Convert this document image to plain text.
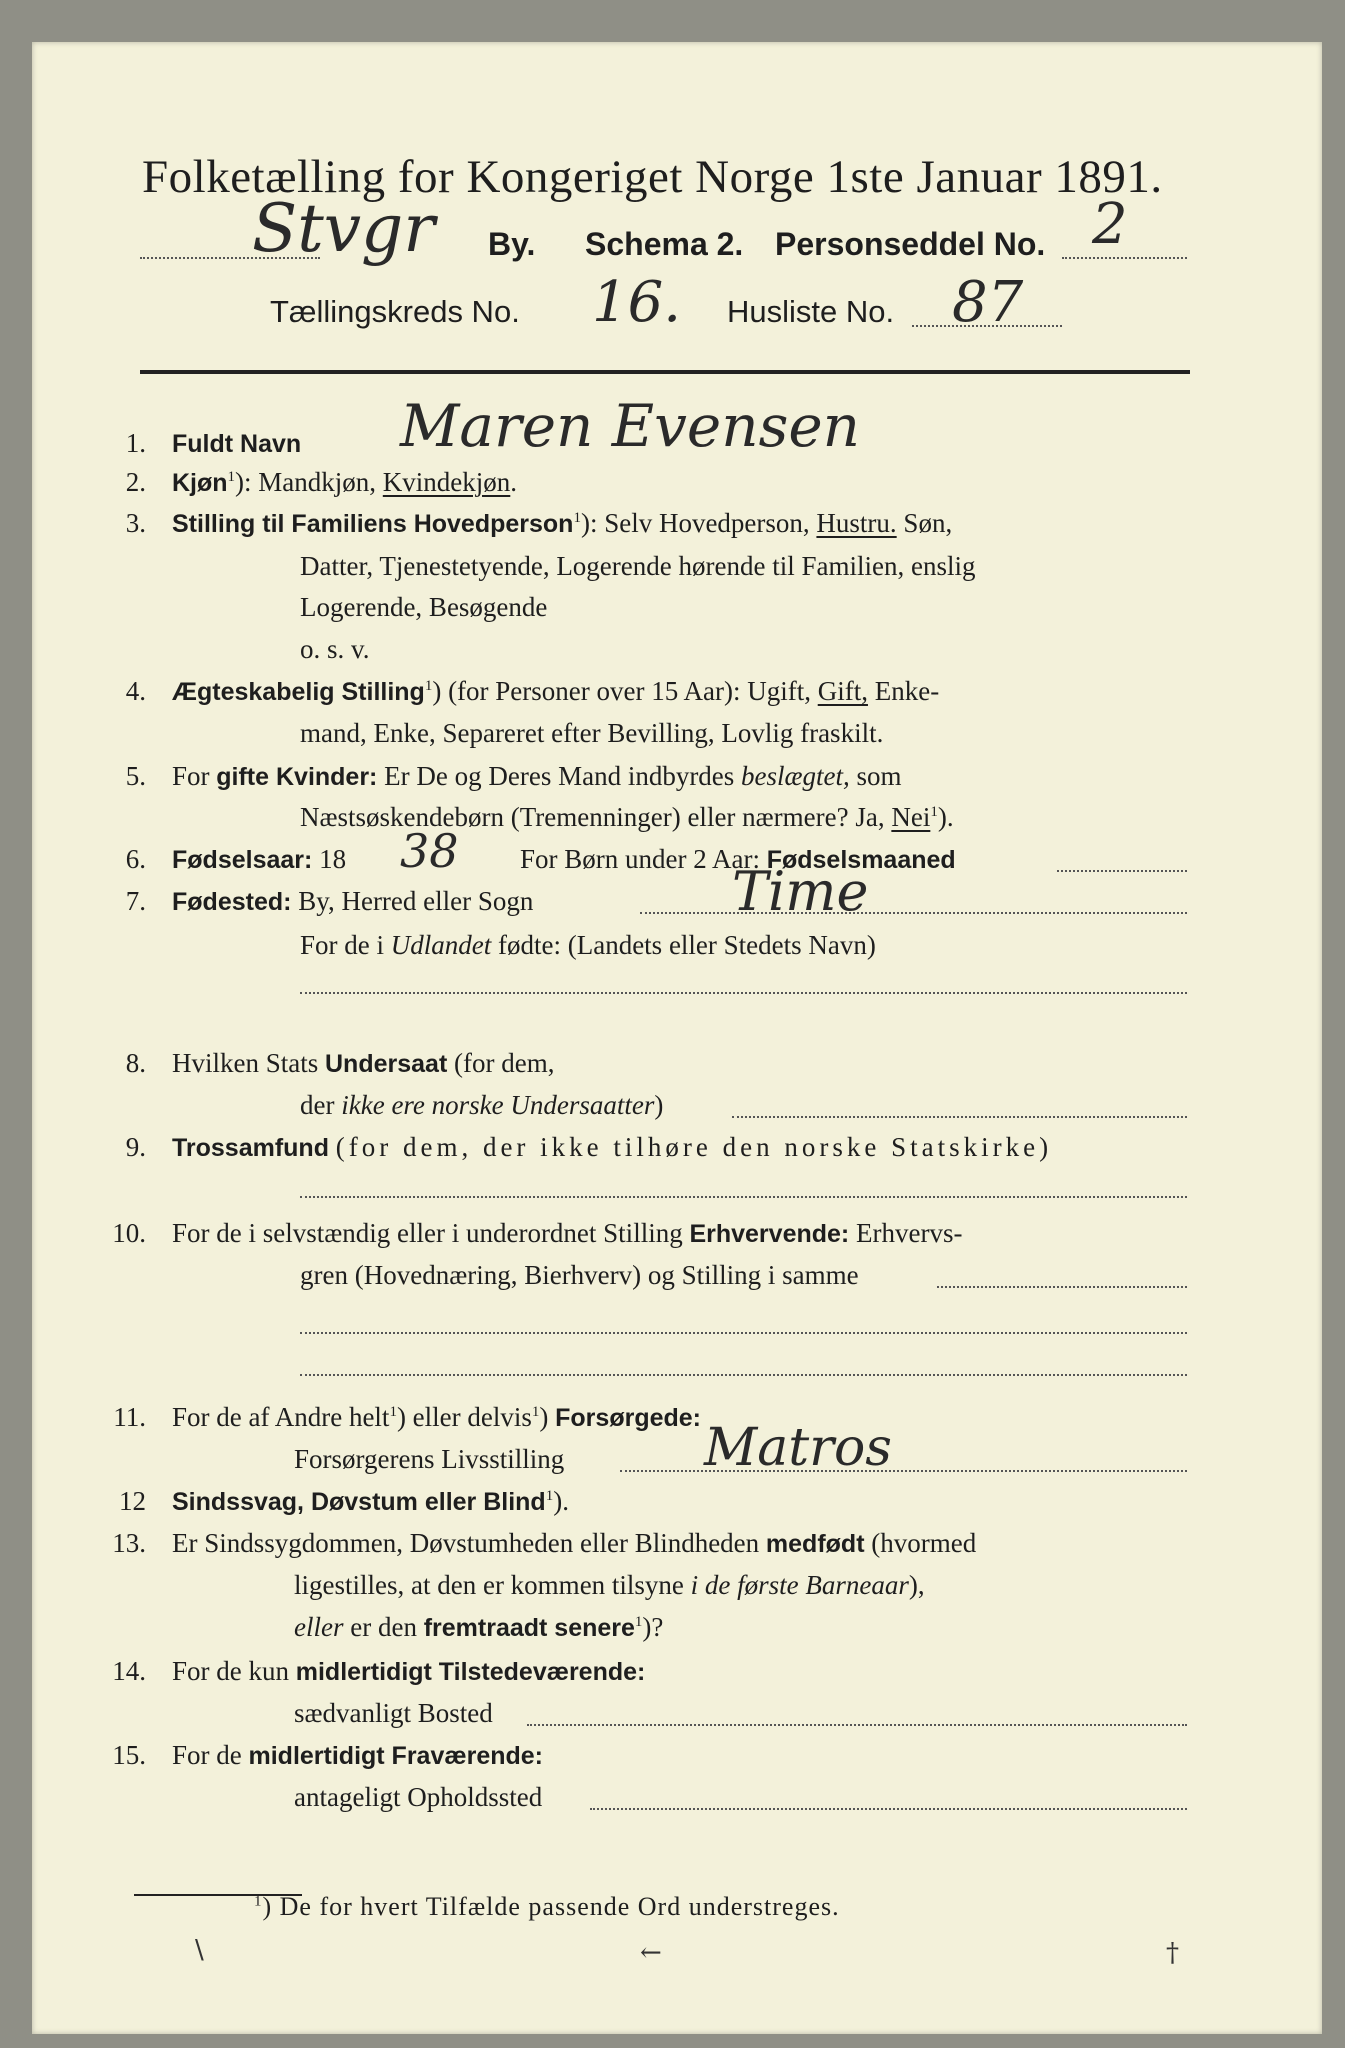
Folketælling for Kongeriget Norge 1ste Januar 1891.
Stvgr By. Schema 2. Personseddel No. 2
Tællingskreds No. 16. Husliste No. 87
1. Fuldt Navn Maren Evensen
2. Kjøn$^1$): Mandkjøn, Kvindekjøn.
3. Stilling til Familiens Hovedperson$^1$): Selv Hovedperson, Hustru. Søn,
Datter, Tjenestetyende, Logerende hørende til Familien, enslig
Logerende, Besøgende
o. s. v.
4. Ægteskabelig Stilling$^1$) (for Personer over 15 Aar): Ugift, Gift, Enke-
mand, Enke, Separeret efter Bevilling, Lovlig fraskilt.
5. For gifte Kvinder: Er De og Deres Mand indbyrdes beslægtet, som
Næstsøskendebørn (Tremenninger) eller nærmere? Ja, Nei$^1$).
6. Fødselsaar: 18 38 For Børn under 2 Aar: Fødselsmaaned
7. Fødested: By, Herred eller Sogn	Time
For de i Udlandet fødte: (Landets eller Stedets Navn)
8. Hvilken Stats Undersaat (for dem,
der ikke ere norske Undersaatter)
9. Trossamfund (for dem, der ikke tilhøre den norske Statskirke)
10. For de i selvstændig eller i underordnet Stilling Erhvervende: Erhvervs-
gren (Hovednæring, Bierhverv) og Stilling i samme
11. For de af Andre helt$^1$) eller delvis$^1$) Forsørgede:
Forsørgerens Livsstilling	Matros
12 Sindssvag, Døvstum eller Blind$^1$).
13. Er Sindssygdommen, Døvstumheden eller Blindheden medfødt (hvormed
ligestilles, at den er kommen tilsyne i de første Barneaar),
eller er den fremtraadt senere$^1$)?
14. For de kun midlertidigt Tilstedeværende:
sædvanligt Bosted
15. For de midlertidigt Fraværende:
antageligt Opholdssted
$^1$) De for hvert Tilfælde passende Ord understreges.
∖	←	†
